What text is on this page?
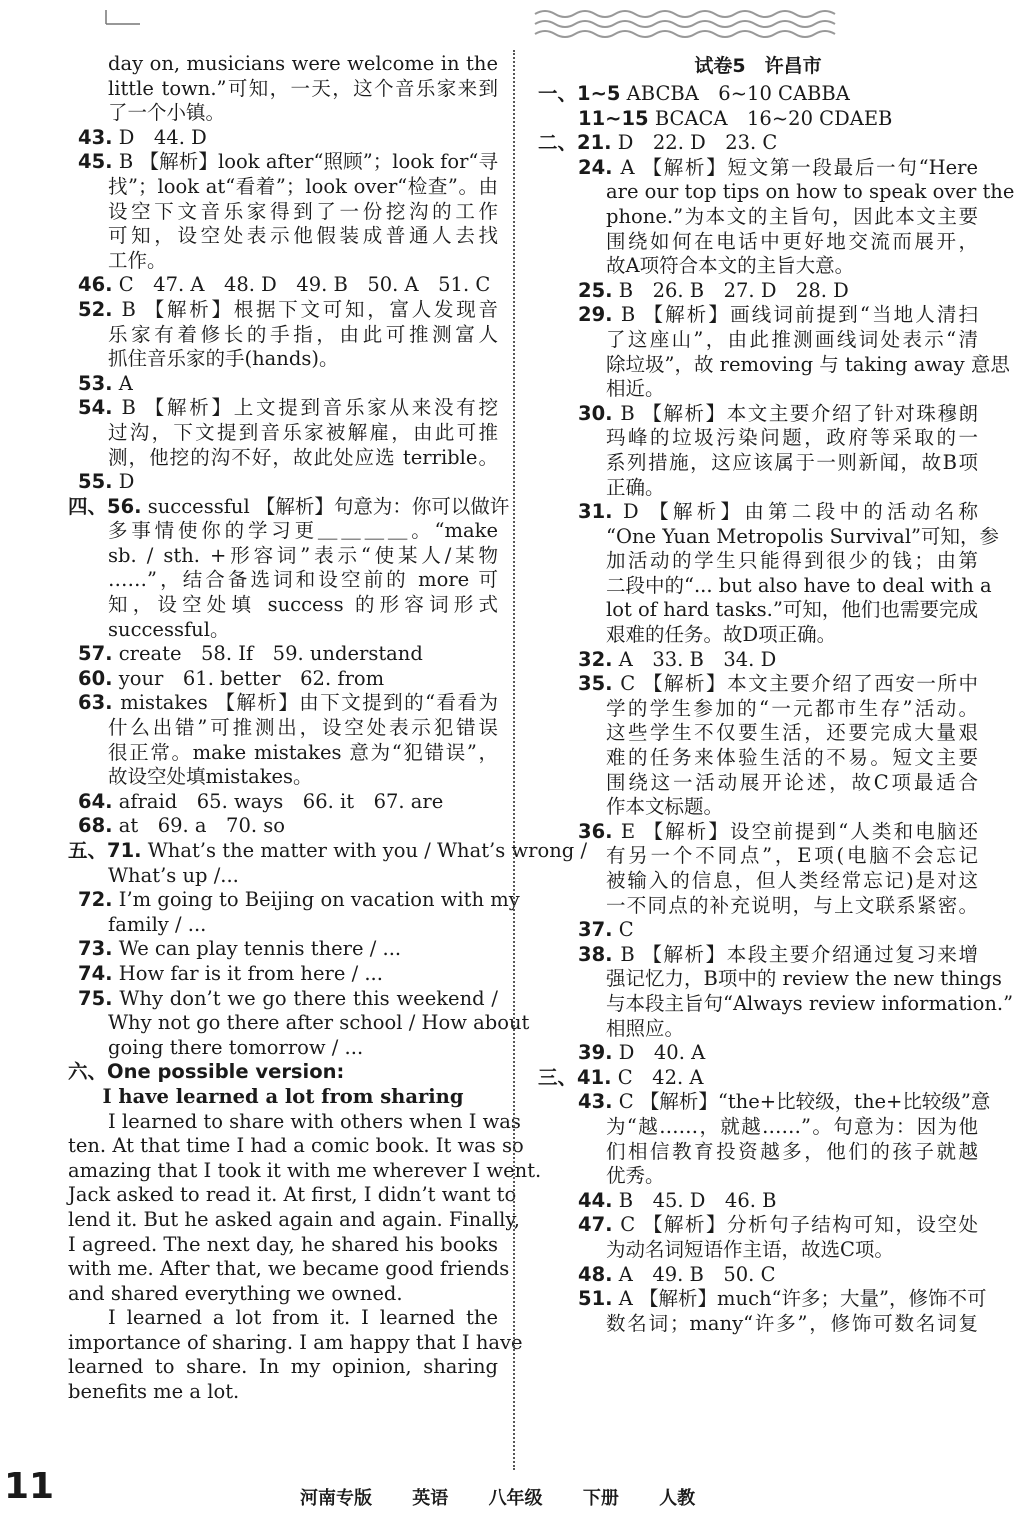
day on, musicians were welcome in the
little town.”可知，一天，这个音乐家来到
了一个小镇。
43. D　44. D
45. B 【解析】look after“照顾”；look for“寻
找”；look at“看着”；look over“检查”。由
设空下文音乐家得到了一份挖沟的工作
可知，设空处表示他假装成普通人去找
工作。
46. C　47. A　48. D　49. B　50. A　51. C
52. B 【解析】根据下文可知，富人发现音
乐家有着修长的手指，由此可推测富人
抓住音乐家的手(hands)。
53. A
54. B 【解析】上文提到音乐家从来没有挖
过沟，下文提到音乐家被解雇，由此可推
测，他挖的沟不好，故此处应选 terrible。
55. D
四、56. successful 【解析】句意为：你可以做许
多事情使你的学习更＿＿＿＿。“make
sb. / sth. +形容词”表示“使某人/某物
……”，结合备选词和设空前的 more 可
知，设空处填 success 的形容词形式
successful。
57. create　58. If　59. understand
60. your　61. better　62. from
63. mistakes 【解析】由下文提到的“看看为
什么出错”可推测出，设空处表示犯错误
很正常。make mistakes 意为“犯错误”，
故设空处填mistakes。
64. afraid　65. ways　66. it　67. are
68. at　69. a　70. so
五、71. What’s the matter with you / What’s wrong /
What’s up /...
72. I’m going to Beijing on vacation with my
family / ...
73. We can play tennis there / ...
74. How far is it from here / ...
75. Why don’t we go there this weekend /
Why not go there after school / How about
going there tomorrow / ...
六、One possible version:
I have learned a lot from sharing
I learned to share with others when I was
ten. At that time I had a comic book. It was so
amazing that I took it with me wherever I went.
Jack asked to read it. At first, I didn’t want to
lend it. But he asked again and again. Finally,
I agreed. The next day, he shared his books
with me. After that, we became good friends
and shared everything we owned.
I learned a lot from it. I learned the
importance of sharing. I am happy that I have
learned to share. In my opinion, sharing
benefits me a lot.
试卷5　许昌市
一、1~5 ABCBA　6~10 CABBA
11~15 BCACA　16~20 CDAEB
二、21. D　22. D　23. C
24. A 【解析】短文第一段最后一句“Here
are our top tips on how to speak over the
phone.”为本文的主旨句，因此本文主要
围绕如何在电话中更好地交流而展开，
故A项符合本文的主旨大意。
25. B　26. B　27. D　28. D
29. B 【解析】画线词前提到“当地人清扫
了这座山”，由此推测画线词处表示“清
除垃圾”，故 removing 与 taking away 意思
相近。
30. B 【解析】本文主要介绍了针对珠穆朗
玛峰的垃圾污染问题，政府等采取的一
系列措施，这应该属于一则新闻，故B项
正确。
31. D 【解析】由第二段中的活动名称
“One Yuan Metropolis Survival”可知，参
加活动的学生只能得到很少的钱；由第
二段中的“... but also have to deal with a
lot of hard tasks.”可知，他们也需要完成
艰难的任务。故D项正确。
32. A　33. B　34. D
35. C 【解析】本文主要介绍了西安一所中
学的学生参加的“一元都市生存”活动。
这些学生不仅要生活，还要完成大量艰
难的任务来体验生活的不易。短文主要
围绕这一活动展开论述，故C项最适合
作本文标题。
36. E 【解析】设空前提到“人类和电脑还
有另一个不同点”，E项(电脑不会忘记
被输入的信息，但人类经常忘记)是对这
一不同点的补充说明，与上文联系紧密。
37. C
38. B 【解析】本段主要介绍通过复习来增
强记忆力，B项中的 review the new things
与本段主旨句“Always review information.”
相照应。
39. D　40. A
三、41. C　42. A
43. C 【解析】“the+比较级，the+比较级”意
为“越……，就越……”。句意为：因为他
们相信教育投资越多，他们的孩子就越
优秀。
44. B　45. D　46. B
47. C 【解析】分析句子结构可知，设空处
为动名词短语作主语，故选C项。
48. A　49. B　50. C
51. A 【解析】much“许多；大量”，修饰不可
数名词；many“许多”，修饰可数名词复
11	河南专版 英语 八年级 下册 人教
